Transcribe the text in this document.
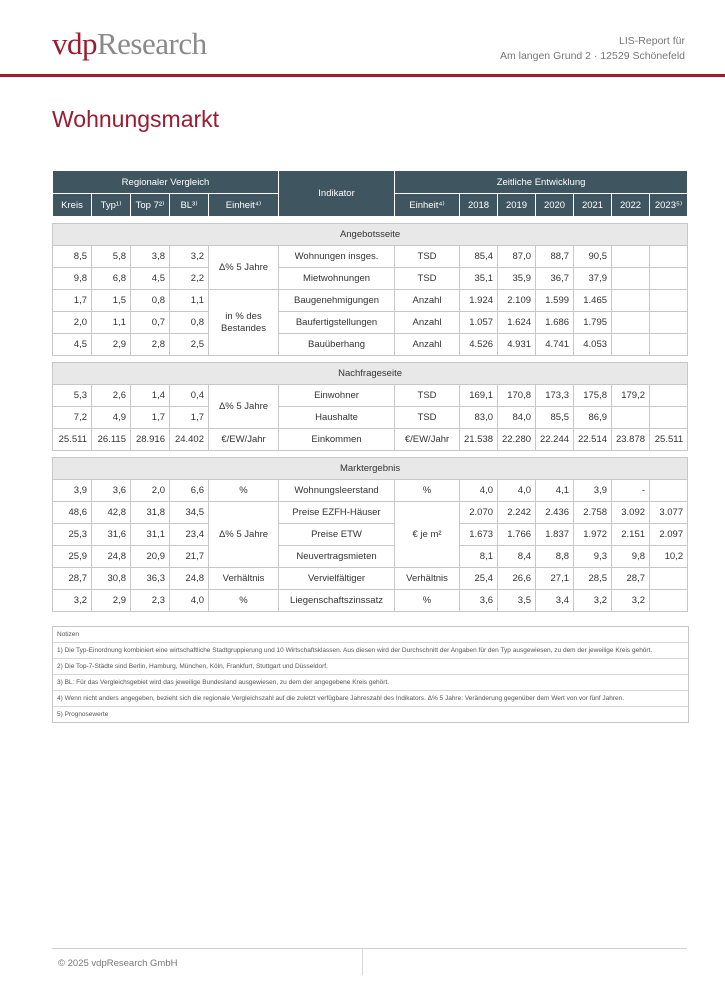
vdpResearch	LIS-Report für
Am langen Grund 2 · 12529 Schönefeld
Wohnungsmarkt
Regionaler Vergleich					Indikator	Zeitliche Entwicklung						
Kreis	Typ¹⁾	Top 7²⁾	BL³⁾	Einheit⁴⁾		Einheit⁴⁾	2018	2019	2020	2021	2022	2023⁵⁾

Angebotsseite												
8,5	5,8	3,8	3,2	Δ% 5 Jahre	Wohnungen insges.	TSD	85,4	87,0	88,7	90,5		
9,8	6,8	4,5	2,2		Mietwohnungen	TSD	35,1	35,9	36,7	37,9		
1,7	1,5	0,8	1,1	in % des Bestandes	Baugenehmigungen	Anzahl	1.924	2.109	1.599	1.465		
2,0	1,1	0,7	0,8		Baufertigstellungen	Anzahl	1.057	1.624	1.686	1.795		
4,5	2,9	2,8	2,5		Bauüberhang	Anzahl	4.526	4.931	4.741	4.053		

Nachfrageseite												
5,3	2,6	1,4	0,4	Δ% 5 Jahre	Einwohner	TSD	169,1	170,8	173,3	175,8	179,2	
7,2	4,9	1,7	1,7		Haushalte	TSD	83,0	84,0	85,5	86,9		
25.511	26.115	28.916	24.402	€/EW/Jahr	Einkommen	€/EW/Jahr	21.538	22.280	22.244	22.514	23.878	25.511

Marktergebnis												
3,9	3,6	2,0	6,6	%	Wohnungsleerstand	%	4,0	4,0	4,1	3,9	-	
48,6	42,8	31,8	34,5	Δ% 5 Jahre	Preise EZFH-Häuser	€ je m²	2.070	2.242	2.436	2.758	3.092	3.077
25,3	31,6	31,1	23,4		Preise ETW		1.673	1.766	1.837	1.972	2.151	2.097
25,9	24,8	20,9	21,7		Neuvertragsmieten		8,1	8,4	8,8	9,3	9,8	10,2
28,7	30,8	36,3	24,8	Verhältnis	Vervielfältiger	Verhältnis	25,4	26,6	27,1	28,5	28,7	
3,2	2,9	2,3	4,0	%	Liegenschaftszinssatz	%	3,6	3,5	3,4	3,2	3,2	
Notizen
1) Die Typ-Einordnung kombiniert eine wirtschaftliche Stadtgruppierung und 10 Wirtschaftsklassen. Aus diesen wird der Durchschnitt der Angaben für den Typ ausgewiesen, zu dem der jeweilige Kreis gehört.
2) Die Top-7-Städte sind Berlin, Hamburg, München, Köln, Frankfurt, Stuttgart und Düsseldorf.
3) BL: Für das Vergleichsgebiet wird das jeweilige Bundesland ausgewiesen, zu dem der angegebene Kreis gehört.
4) Wenn nicht anders angegeben, bezieht sich die regionale Vergleichszahl auf die zuletzt verfügbare Jahreszahl des Indikators. Δ% 5 Jahre: Veränderung gegenüber dem Wert von vor fünf Jahren.
5) Prognosewerte
© 2025 vdpResearch GmbH
